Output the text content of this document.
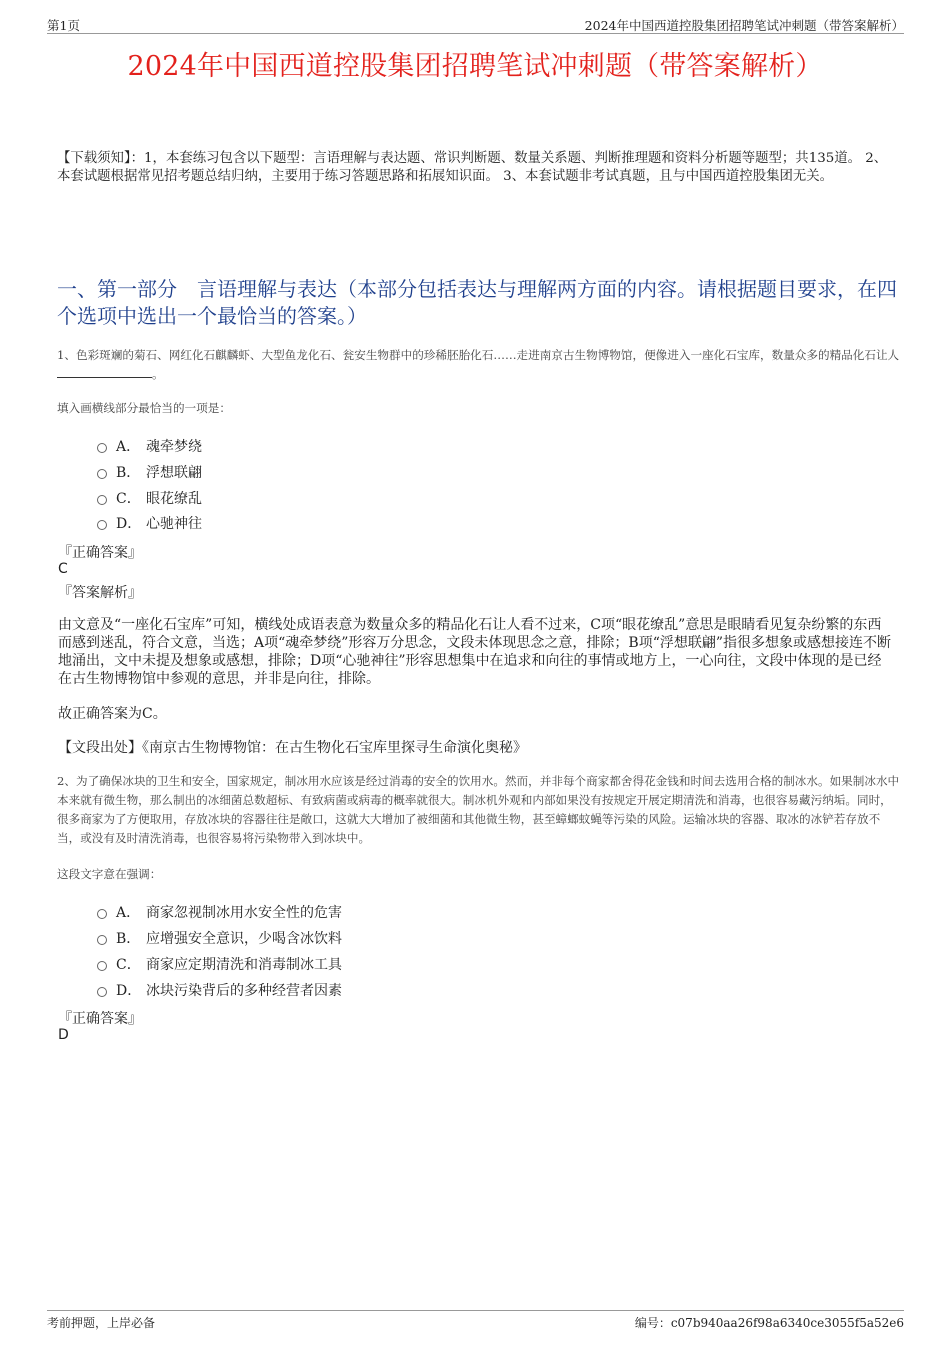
第1页	2024年中国西道控股集团招聘笔试冲刺题（带答案解析）
2024年中国西道控股集团招聘笔试冲刺题（带答案解析）
【下载须知】：1，本套练习包含以下题型：言语理解与表达题、常识判断题、数量关系题、判断推理题和资料分析题等题型；共135道。 2、本套试题根据常见招考题总结归纳，主要用于练习答题思路和拓展知识面。 3、本套试题非考试真题，且与中国西道控股集团无关。
一、第一部分　言语理解与表达（本部分包括表达与理解两方面的内容。请根据题目要求，在四个选项中选出一个最恰当的答案。）
1、色彩斑斓的菊石、网红化石麒麟虾、大型鱼龙化石、瓮安生物群中的珍稀胚胎化石……走进南京古生物博物馆，便像进入一座化石宝库，数量众多的精品化石让人。
填入画横线部分最恰当的一项是：
A． 魂牵梦绕
B． 浮想联翩
C． 眼花缭乱
D． 心驰神往
『正确答案』
C
『答案解析』
由文意及“一座化石宝库”可知，横线处成语表意为数量众多的精品化石让人看不过来，C项“眼花缭乱”意思是眼睛看见复杂纷繁的东西而感到迷乱，符合文意，当选；A项“魂牵梦绕”形容万分思念，文段未体现思念之意，排除；B项“浮想联翩”指很多想象或感想接连不断地涌出，文中未提及想象或感想，排除；D项“心驰神往”形容思想集中在追求和向往的事情或地方上，一心向往，文段中体现的是已经在古生物博物馆中参观的意思，并非是向往，排除。
故正确答案为C。
【文段出处】《南京古生物博物馆：在古生物化石宝库里探寻生命演化奥秘》
2、为了确保冰块的卫生和安全，国家规定，制冰用水应该是经过消毒的安全的饮用水。然而，并非每个商家都舍得花金钱和时间去选用合格的制冰水。如果制冰水中本来就有微生物，那么制出的冰细菌总数超标、有致病菌或病毒的概率就很大。制冰机外观和内部如果没有按规定开展定期清洗和消毒，也很容易藏污纳垢。同时，很多商家为了方便取用，存放冰块的容器往往是敞口，这就大大增加了被细菌和其他微生物，甚至蟑螂蚊蝇等污染的风险。运输冰块的容器、取冰的冰铲若存放不当，或没有及时清洗消毒，也很容易将污染物带入到冰块中。
这段文字意在强调：
A． 商家忽视制冰用水安全性的危害
B． 应增强安全意识，少喝含冰饮料
C． 商家应定期清洗和消毒制冰工具
D． 冰块污染背后的多种经营者因素
『正确答案』
D
考前押题，上岸必备	编号：c07b940aa26f98a6340ce3055f5a52e6
